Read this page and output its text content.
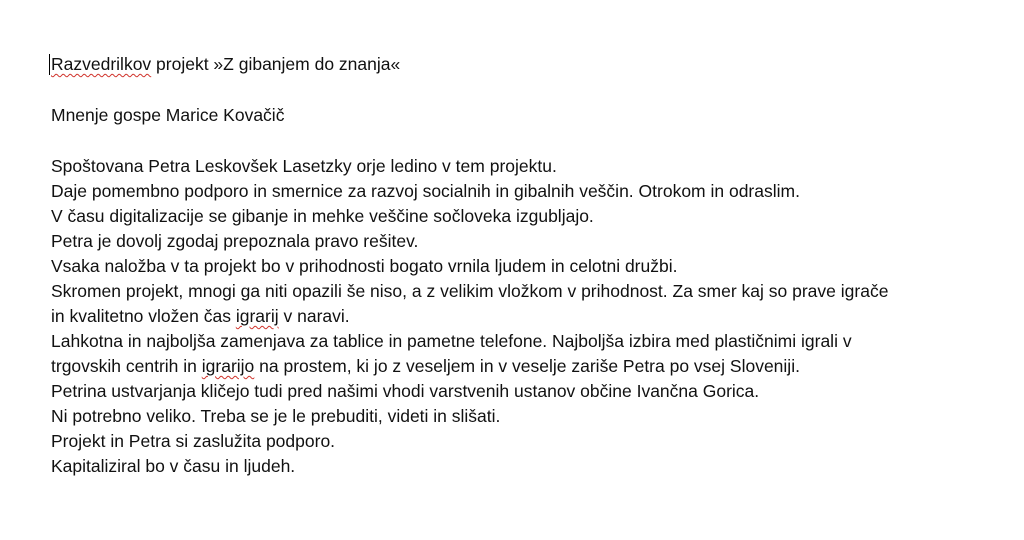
Razvedrilkov projekt »Z gibanjem do znanja«
Mnenje gospe Marice Kovačič
Spoštovana Petra Leskovšek Lasetzky orje ledino v tem projektu.
Daje pomembno podporo in smernice za razvoj socialnih in gibalnih veščin. Otrokom in odraslim.
V času digitalizacije se gibanje in mehke veščine sočloveka izgubljajo.
Petra je dovolj zgodaj prepoznala pravo rešitev.
Vsaka naložba v ta projekt bo v prihodnosti bogato vrnila ljudem in celotni družbi.
Skromen projekt, mnogi ga niti opazili še niso, a z velikim vložkom v prihodnost. Za smer kaj so prave igrače
in kvalitetno vložen čas igrarij v naravi.
Lahkotna in najboljša zamenjava za tablice in pametne telefone. Najboljša izbira med plastičnimi igrali v
trgovskih centrih in igrarijo na prostem, ki jo z veseljem in v veselje zariše Petra po vsej Sloveniji.
Petrina ustvarjanja kličejo tudi pred našimi vhodi varstvenih ustanov občine Ivančna Gorica.
Ni potrebno veliko. Treba se je le prebuditi, videti in slišati.
Projekt in Petra si zaslužita podporo.
Kapitaliziral bo v času in ljudeh.
